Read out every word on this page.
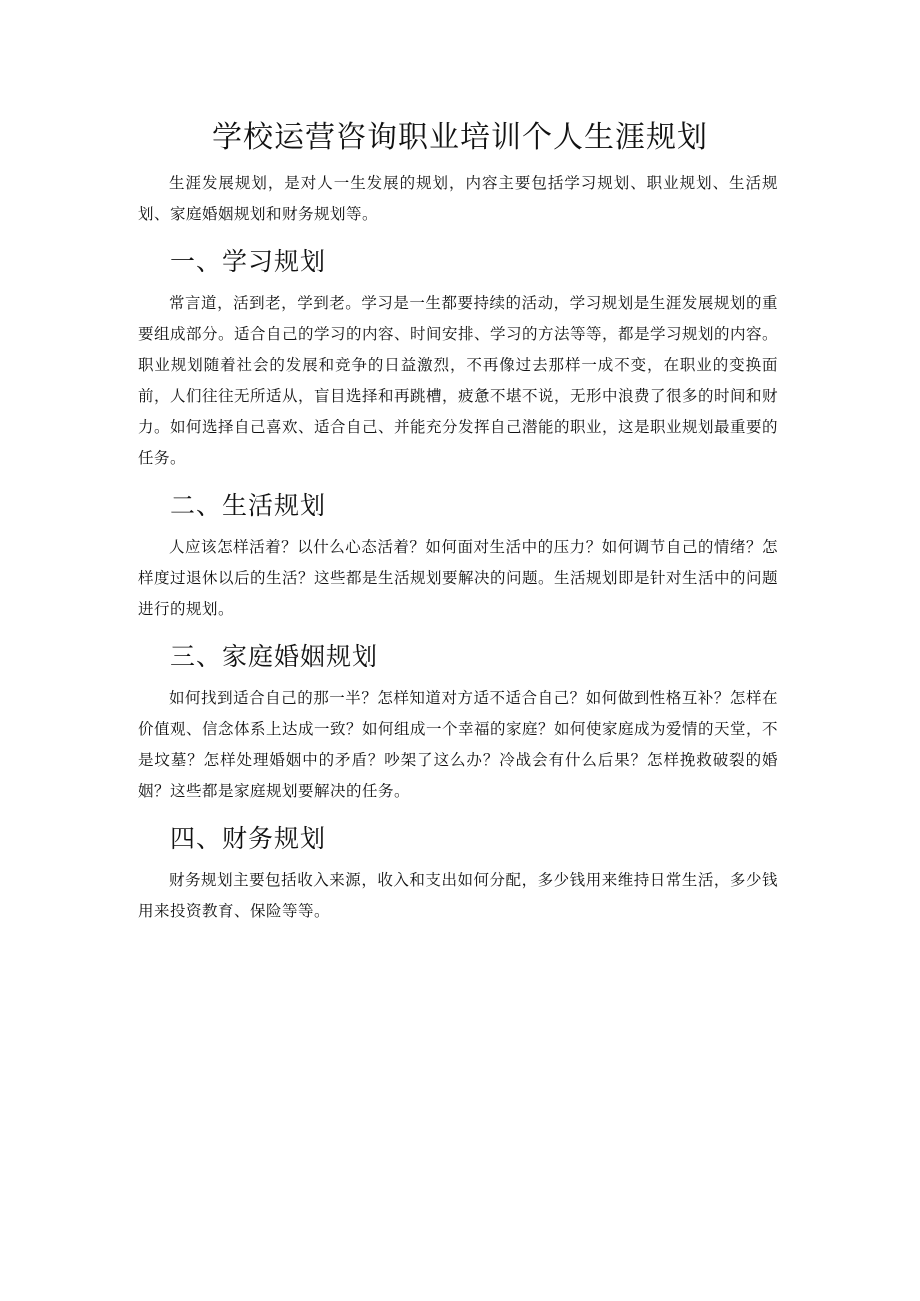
学校运营咨询职业培训个人生涯规划

生涯发展规划，是对人一生发展的规划，内容主要包括学习规划、职业规划、生活规划、家庭婚姻规划和财务规划等。

一、学习规划

常言道，活到老，学到老。学习是一生都要持续的活动，学习规划是生涯发展规划的重要组成部分。适合自己的学习的内容、时间安排、学习的方法等等，都是学习规划的内容。职业规划随着社会的发展和竞争的日益激烈，不再像过去那样一成不变，在职业的变换面前，人们往往无所适从，盲目选择和再跳槽，疲惫不堪不说，无形中浪费了很多的时间和财力。如何选择自己喜欢、适合自己、并能充分发挥自己潜能的职业，这是职业规划最重要的任务。

二、生活规划

人应该怎样活着？以什么心态活着？如何面对生活中的压力？如何调节自己的情绪？怎样度过退休以后的生活？这些都是生活规划要解决的问题。生活规划即是针对生活中的问题进行的规划。

三、家庭婚姻规划

如何找到适合自己的那一半？怎样知道对方适不适合自己？如何做到性格互补？怎样在价值观、信念体系上达成一致？如何组成一个幸福的家庭？如何使家庭成为爱情的天堂，不是坟墓？怎样处理婚姻中的矛盾？吵架了这么办？冷战会有什么后果？怎样挽救破裂的婚姻？这些都是家庭规划要解决的任务。

四、财务规划

财务规划主要包括收入来源，收入和支出如何分配，多少钱用来维持日常生活，多少钱用来投资教育、保险等等。
